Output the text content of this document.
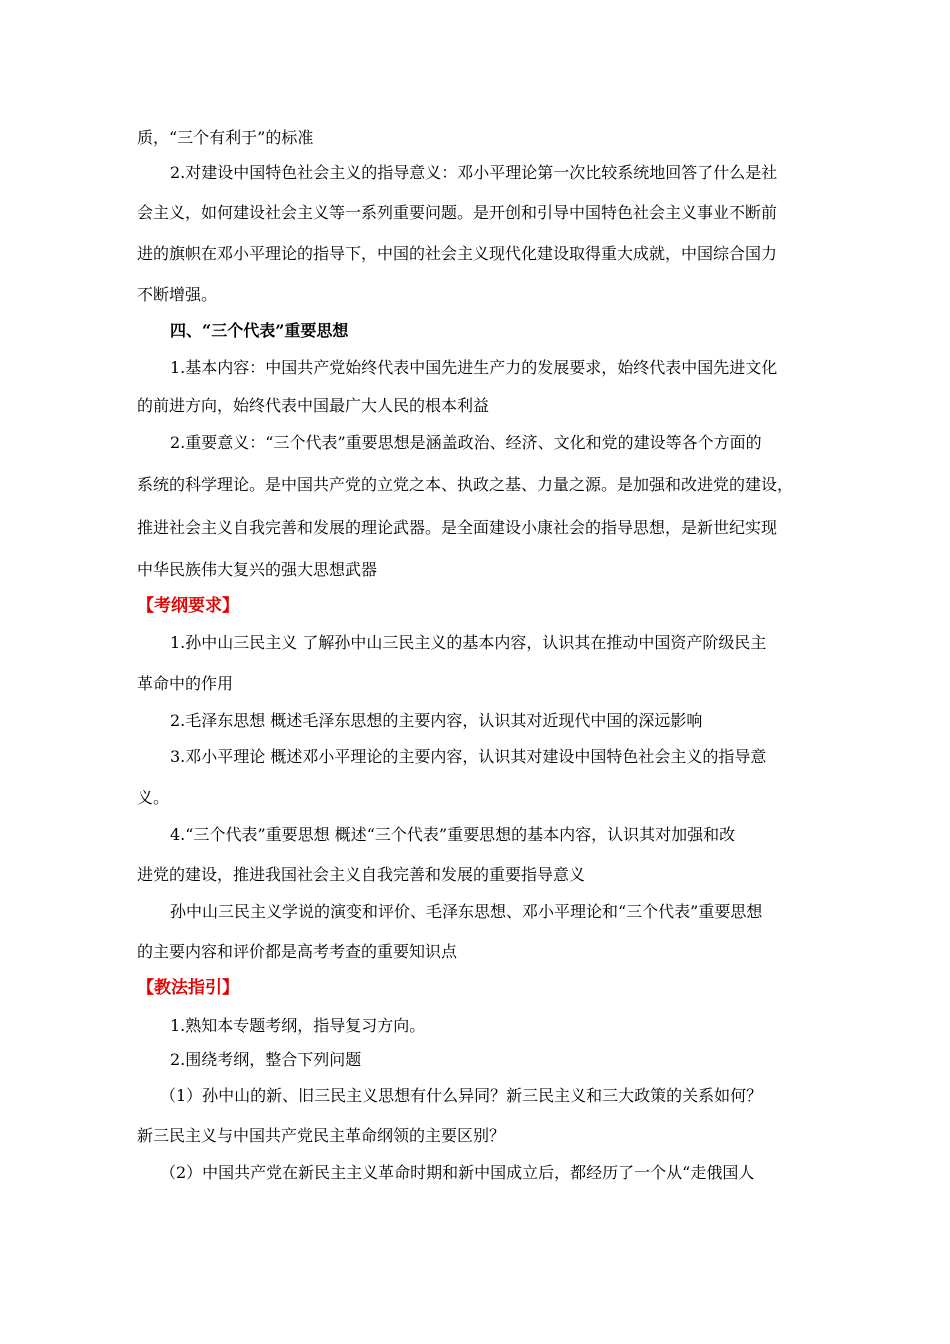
质，“三个有利于”的标准
2.对建设中国特色社会主义的指导意义：邓小平理论第一次比较系统地回答了什么是社
会主义，如何建设社会主义等一系列重要问题。是开创和引导中国特色社会主义事业不断前
进的旗帜在邓小平理论的指导下，中国的社会主义现代化建设取得重大成就，中国综合国力
不断增强。
四、“三个代表”重要思想
1.基本内容：中国共产党始终代表中国先进生产力的发展要求，始终代表中国先进文化
的前进方向，始终代表中国最广大人民的根本利益
2.重要意义：“三个代表”重要思想是涵盖政治、经济、文化和党的建设等各个方面的
系统的科学理论。是中国共产党的立党之本、执政之基、力量之源。是加强和改进党的建设，
推进社会主义自我完善和发展的理论武器。是全面建设小康社会的指导思想，是新世纪实现
中华民族伟大复兴的强大思想武器
【考纲要求】
1.孙中山三民主义 了解孙中山三民主义的基本内容，认识其在推动中国资产阶级民主
革命中的作用
2.毛泽东思想 概述毛泽东思想的主要内容，认识其对近现代中国的深远影响
3.邓小平理论 概述邓小平理论的主要内容，认识其对建设中国特色社会主义的指导意
义。
4.“三个代表”重要思想 概述“三个代表”重要思想的基本内容，认识其对加强和改
进党的建设，推进我国社会主义自我完善和发展的重要指导意义
孙中山三民主义学说的演变和评价、毛泽东思想、邓小平理论和“三个代表”重要思想
的主要内容和评价都是高考考查的重要知识点
【教法指引】
1.熟知本专题考纲，指导复习方向。
2.围绕考纲，整合下列问题
（1）孙中山的新、旧三民主义思想有什么异同？新三民主义和三大政策的关系如何？
新三民主义与中国共产党民主革命纲领的主要区别？
（2）中国共产党在新民主主义革命时期和新中国成立后，都经历了一个从“走俄国人
